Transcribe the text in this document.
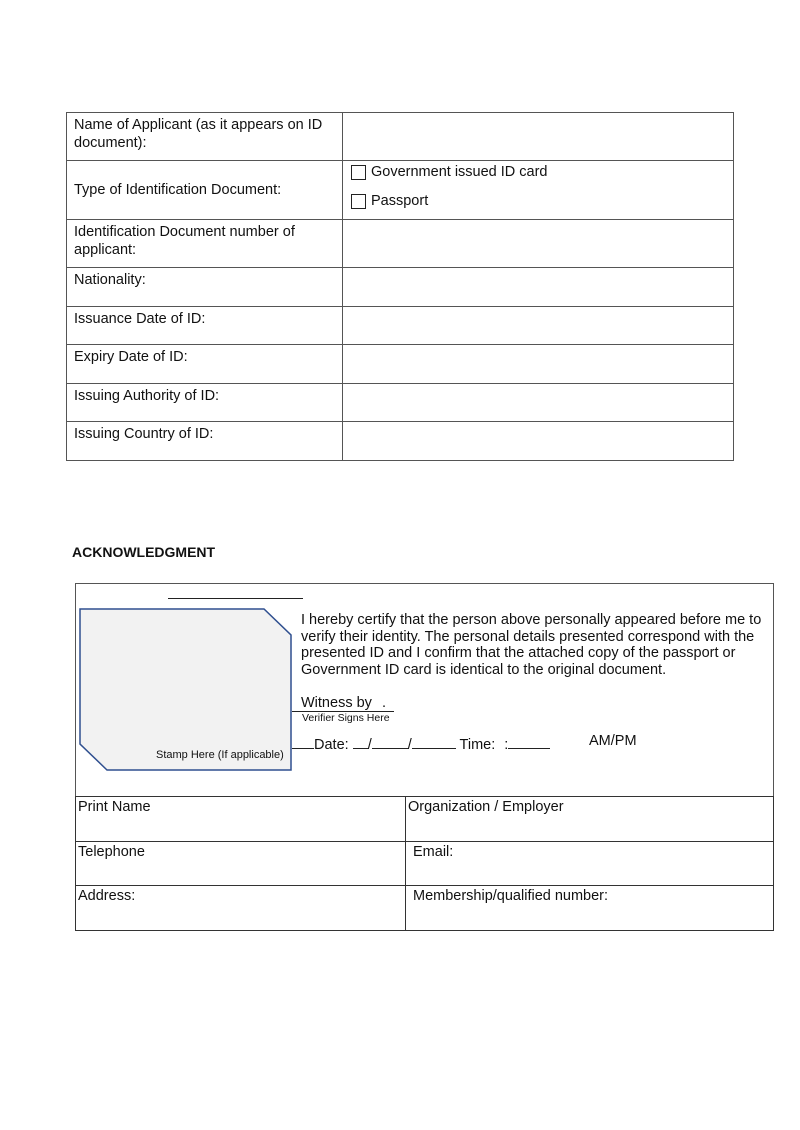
Name of Applicant (as it appears on ID document):	
Type of Identification Document:	Government issued ID card
Passport

Identification Document number of applicant:	
Nationality:	
Issuance Date of ID:	
Expiry Date of ID:	
Issuing Authority of ID:	
Issuing Country of ID:	
ACKNOWLEDGMENT
Stamp Here (If applicable)
I hereby certify that the person above personally appeared before me to verify their identity. The personal details presented correspond with the presented ID and I confirm that the attached copy of the passport or Government ID card is identical to the original document.
Witness by .
Verifier Signs Here
Date: / /	Time: :	AM/PM
Print Name	Organization / Employer
Telephone	Email:
Address:	Membership/qualified number:
